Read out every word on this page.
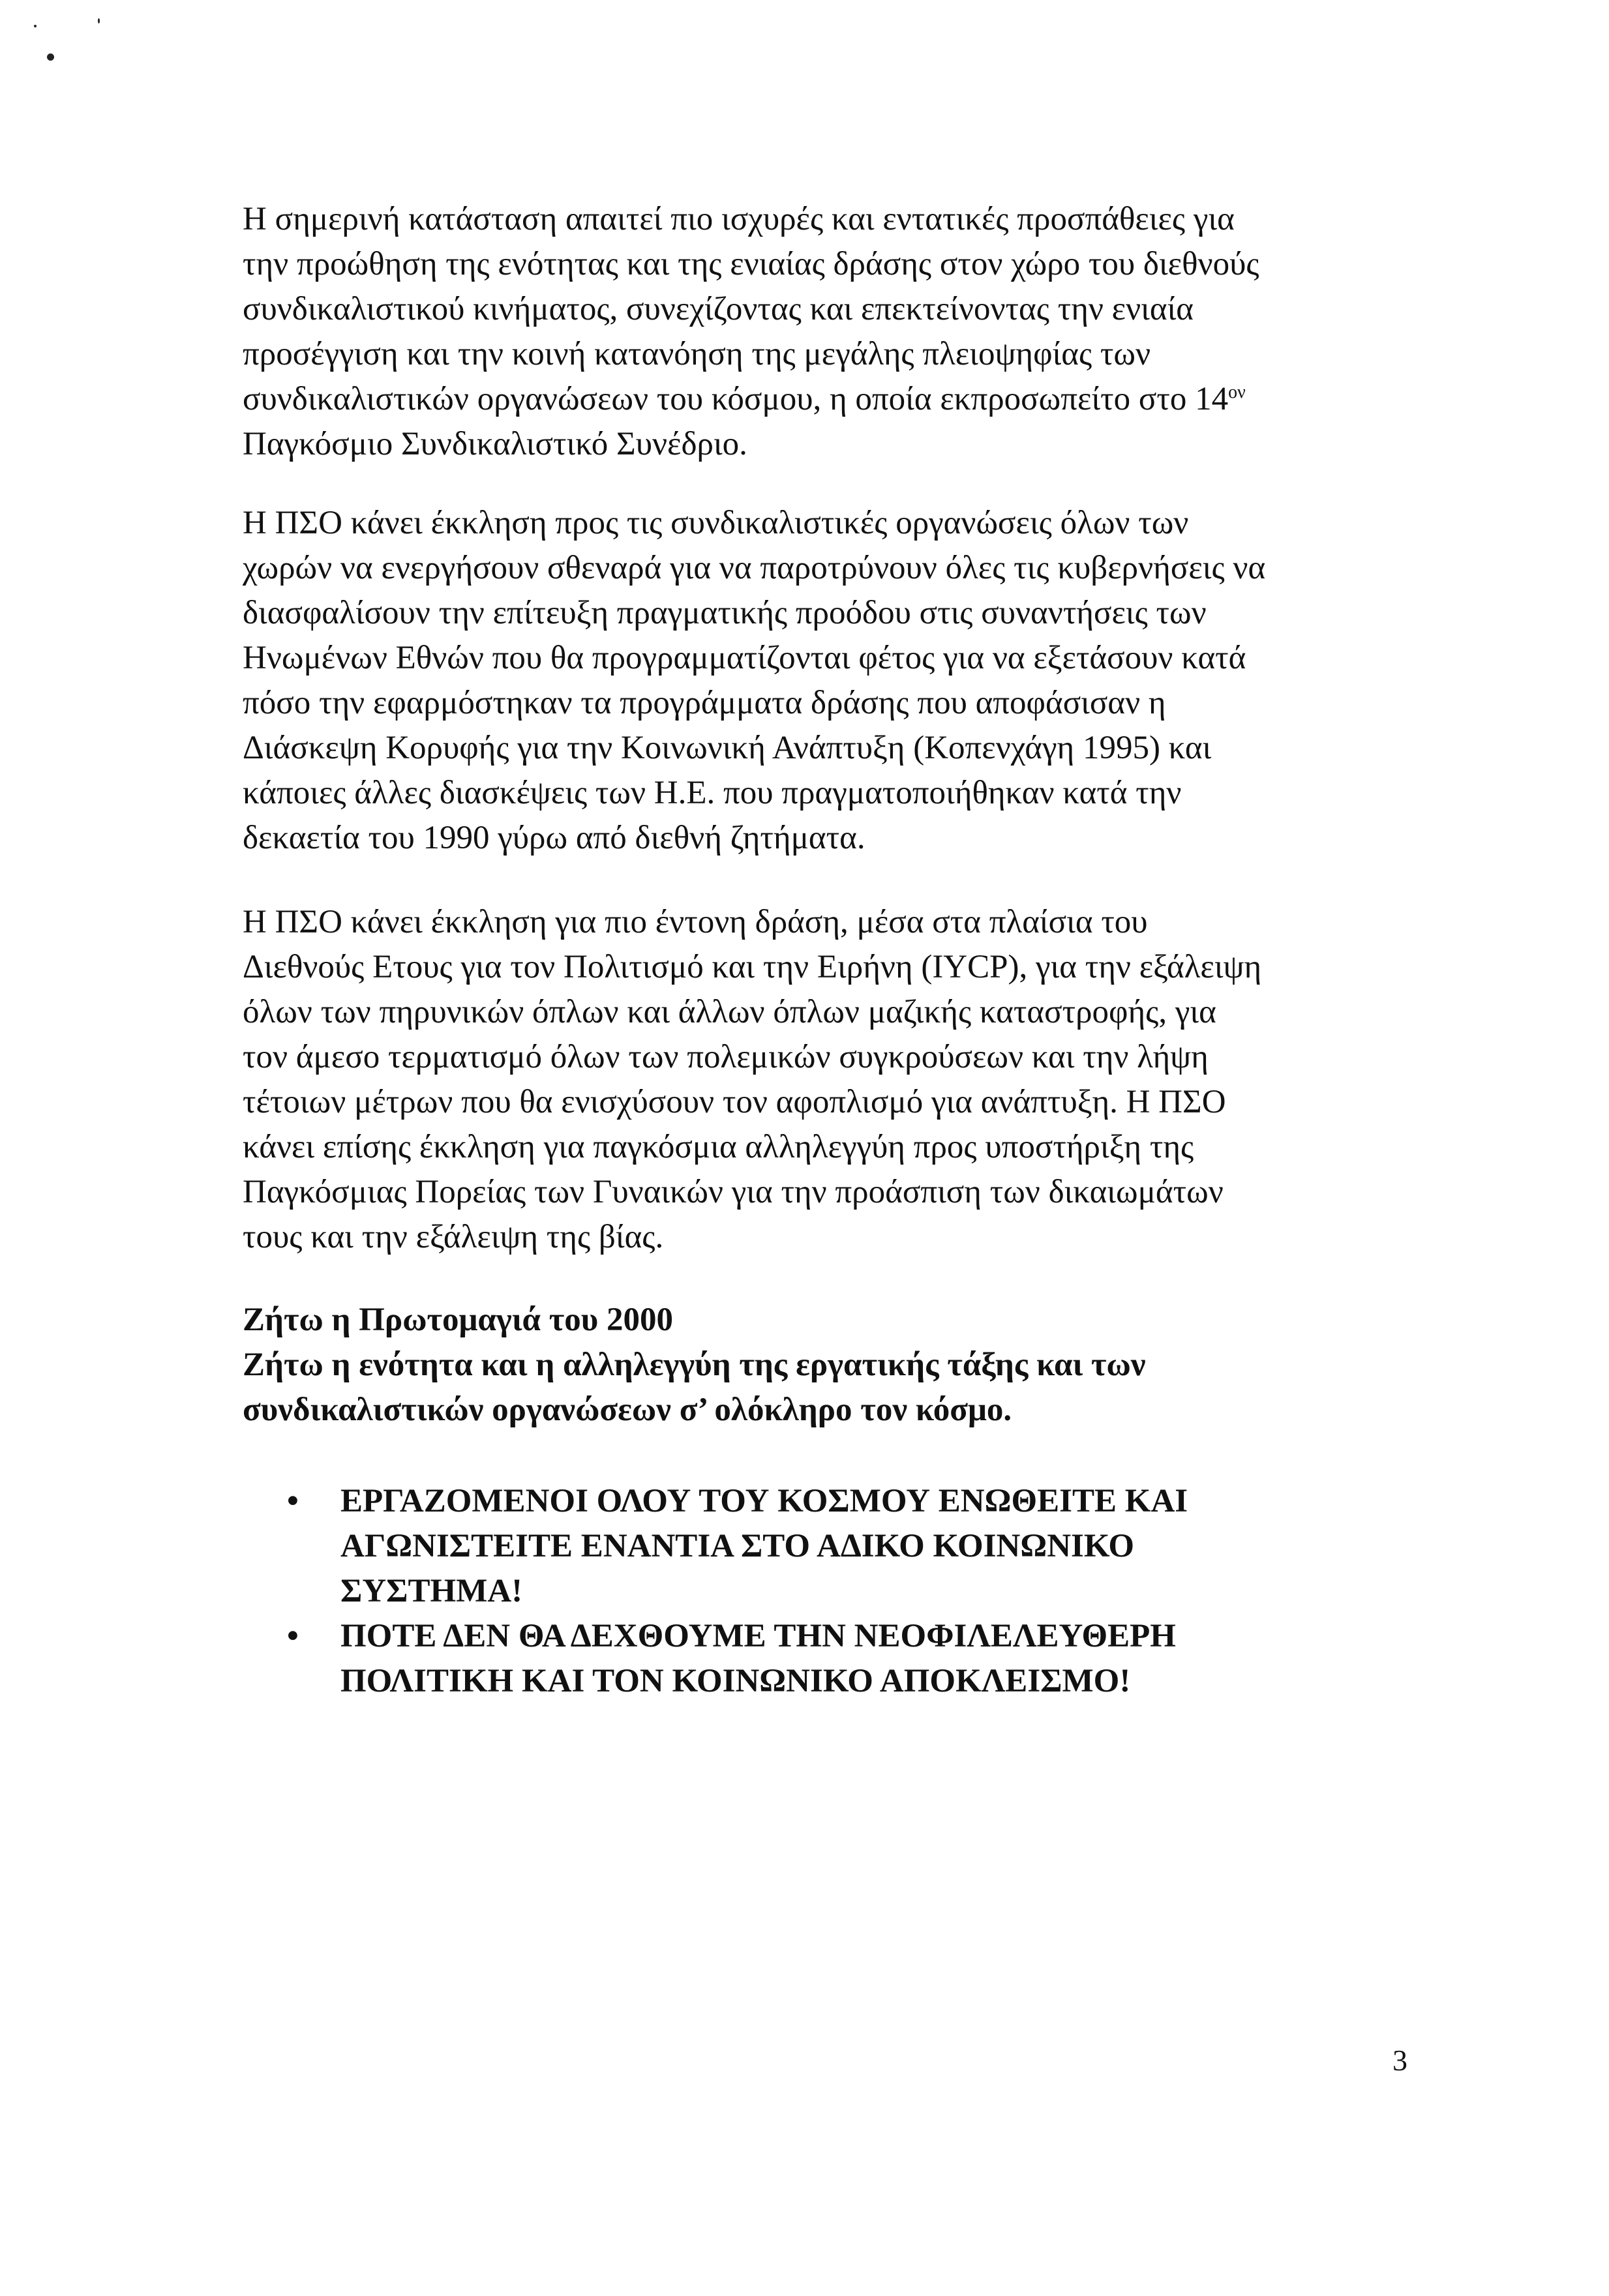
Η σημερινή κατάσταση απαιτεί πιο ισχυρές και εντατικές προσπάθειες για
την προώθηση της ενότητας και της ενιαίας δράσης στον χώρο του διεθνούς
συνδικαλιστικού κινήματος, συνεχίζοντας και επεκτείνοντας την ενιαία
προσέγγιση και την κοινή κατανόηση της μεγάλης πλειοψηφίας των
συνδικαλιστικών οργανώσεων του κόσμου, η οποία εκπροσωπείτο στο $14^{o\nu}$
Παγκόσμιο Συνδικαλιστικό Συνέδριο.
Η ΠΣΟ κάνει έκκληση προς τις συνδικαλιστικές οργανώσεις όλων των
χωρών να ενεργήσουν σθεναρά για να παροτρύνουν όλες τις κυβερνήσεις να
διασφαλίσουν την επίτευξη πραγματικής προόδου στις συναντήσεις των
Ηνωμένων Εθνών που θα προγραμματίζονται φέτος για να εξετάσουν κατά
πόσο την εφαρμόστηκαν τα προγράμματα δράσης που αποφάσισαν η
Διάσκεψη Κορυφής για την Κοινωνική Ανάπτυξη (Κοπενχάγη 1995) και
κάποιες άλλες διασκέψεις των Η.Ε. που πραγματοποιήθηκαν κατά την
δεκαετία του 1990 γύρω από διεθνή ζητήματα.
Η ΠΣΟ κάνει έκκληση για πιο έντονη δράση, μέσα στα πλαίσια του
Διεθνούς Ετους για τον Πολιτισμό και την Ειρήνη (IYCP), για την εξάλειψη
όλων των πηρυνικών όπλων και άλλων όπλων μαζικής καταστροφής, για
τον άμεσο τερματισμό όλων των πολεμικών συγκρούσεων και την λήψη
τέτοιων μέτρων που θα ενισχύσουν τον αφοπλισμό για ανάπτυξη. Η ΠΣΟ
κάνει επίσης έκκληση για παγκόσμια αλληλεγγύη προς υποστήριξη της
Παγκόσμιας Πορείας των Γυναικών για την προάσπιση των δικαιωμάτων
τους και την εξάλειψη της βίας.
Ζήτω η Πρωτομαγιά του 2000
Ζήτω η ενότητα και η αλληλεγγύη της εργατικής τάξης και των
συνδικαλιστικών οργανώσεων σ’ ολόκληρο τον κόσμο.
• ΕΡΓΑΖΟΜΕΝΟΙ ΟΛΟΥ ΤΟΥ ΚΟΣΜΟΥ ΕΝΩΘΕΙΤΕ ΚΑΙ
ΑΓΩΝΙΣΤΕΙΤΕ ΕΝΑΝΤΙΑ ΣΤΟ ΑΔΙΚΟ ΚΟΙΝΩΝΙΚΟ
ΣΥΣΤΗΜΑ!
• ΠΟΤΕ ΔΕΝ ΘΑ ΔΕΧΘΟΥΜΕ ΤΗΝ ΝΕΟΦΙΛΕΛΕΥΘΕΡΗ
ΠΟΛΙΤΙΚΗ ΚΑΙ ΤΟΝ ΚΟΙΝΩΝΙΚΟ ΑΠΟΚΛΕΙΣΜΟ!
3
